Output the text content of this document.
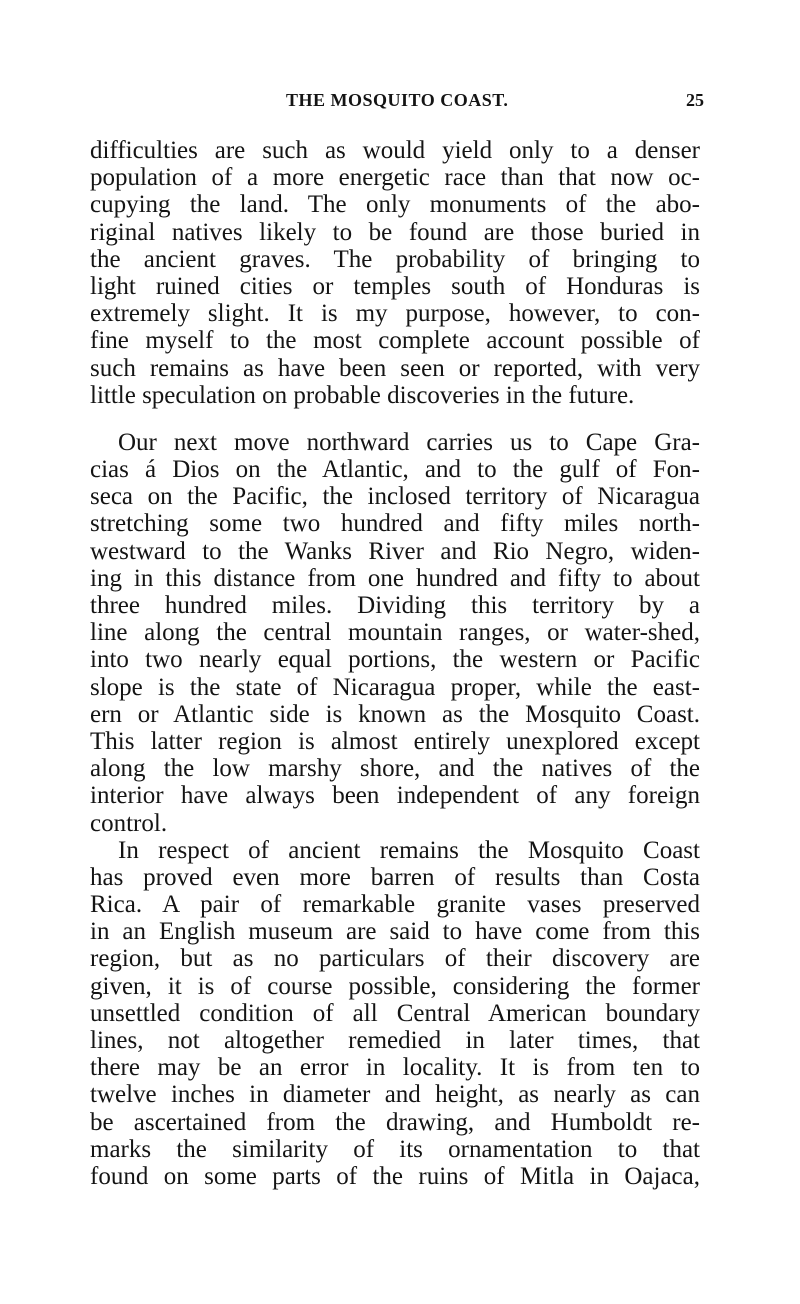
THE MOSQUITO COAST.	25
difficulties are such as would yield only to a denser
population of a more energetic race than that now oc-
cupying the land. The only monuments of the abo-
riginal natives likely to be found are those buried in
the ancient graves. The probability of bringing to
light ruined cities or temples south of Honduras is
extremely slight. It is my purpose, however, to con-
fine myself to the most complete account possible of
such remains as have been seen or reported, with very
little speculation on probable discoveries in the future.
Our next move northward carries us to Cape Gra-
cias á Dios on the Atlantic, and to the gulf of Fon-
seca on the Pacific, the inclosed territory of Nicaragua
stretching some two hundred and fifty miles north-
westward to the Wanks River and Rio Negro, widen-
ing in this distance from one hundred and fifty to about
three hundred miles. Dividing this territory by a
line along the central mountain ranges, or water-shed,
into two nearly equal portions, the western or Pacific
slope is the state of Nicaragua proper, while the east-
ern or Atlantic side is known as the Mosquito Coast.
This latter region is almost entirely unexplored except
along the low marshy shore, and the natives of the
interior have always been independent of any foreign
control.
In respect of ancient remains the Mosquito Coast
has proved even more barren of results than Costa
Rica. A pair of remarkable granite vases preserved
in an English museum are said to have come from this
region, but as no particulars of their discovery are
given, it is of course possible, considering the former
unsettled condition of all Central American boundary
lines, not altogether remedied in later times, that
there may be an error in locality. It is from ten to
twelve inches in diameter and height, as nearly as can
be ascertained from the drawing, and Humboldt re-
marks the similarity of its ornamentation to that
found on some parts of the ruins of Mitla in Oajaca,
